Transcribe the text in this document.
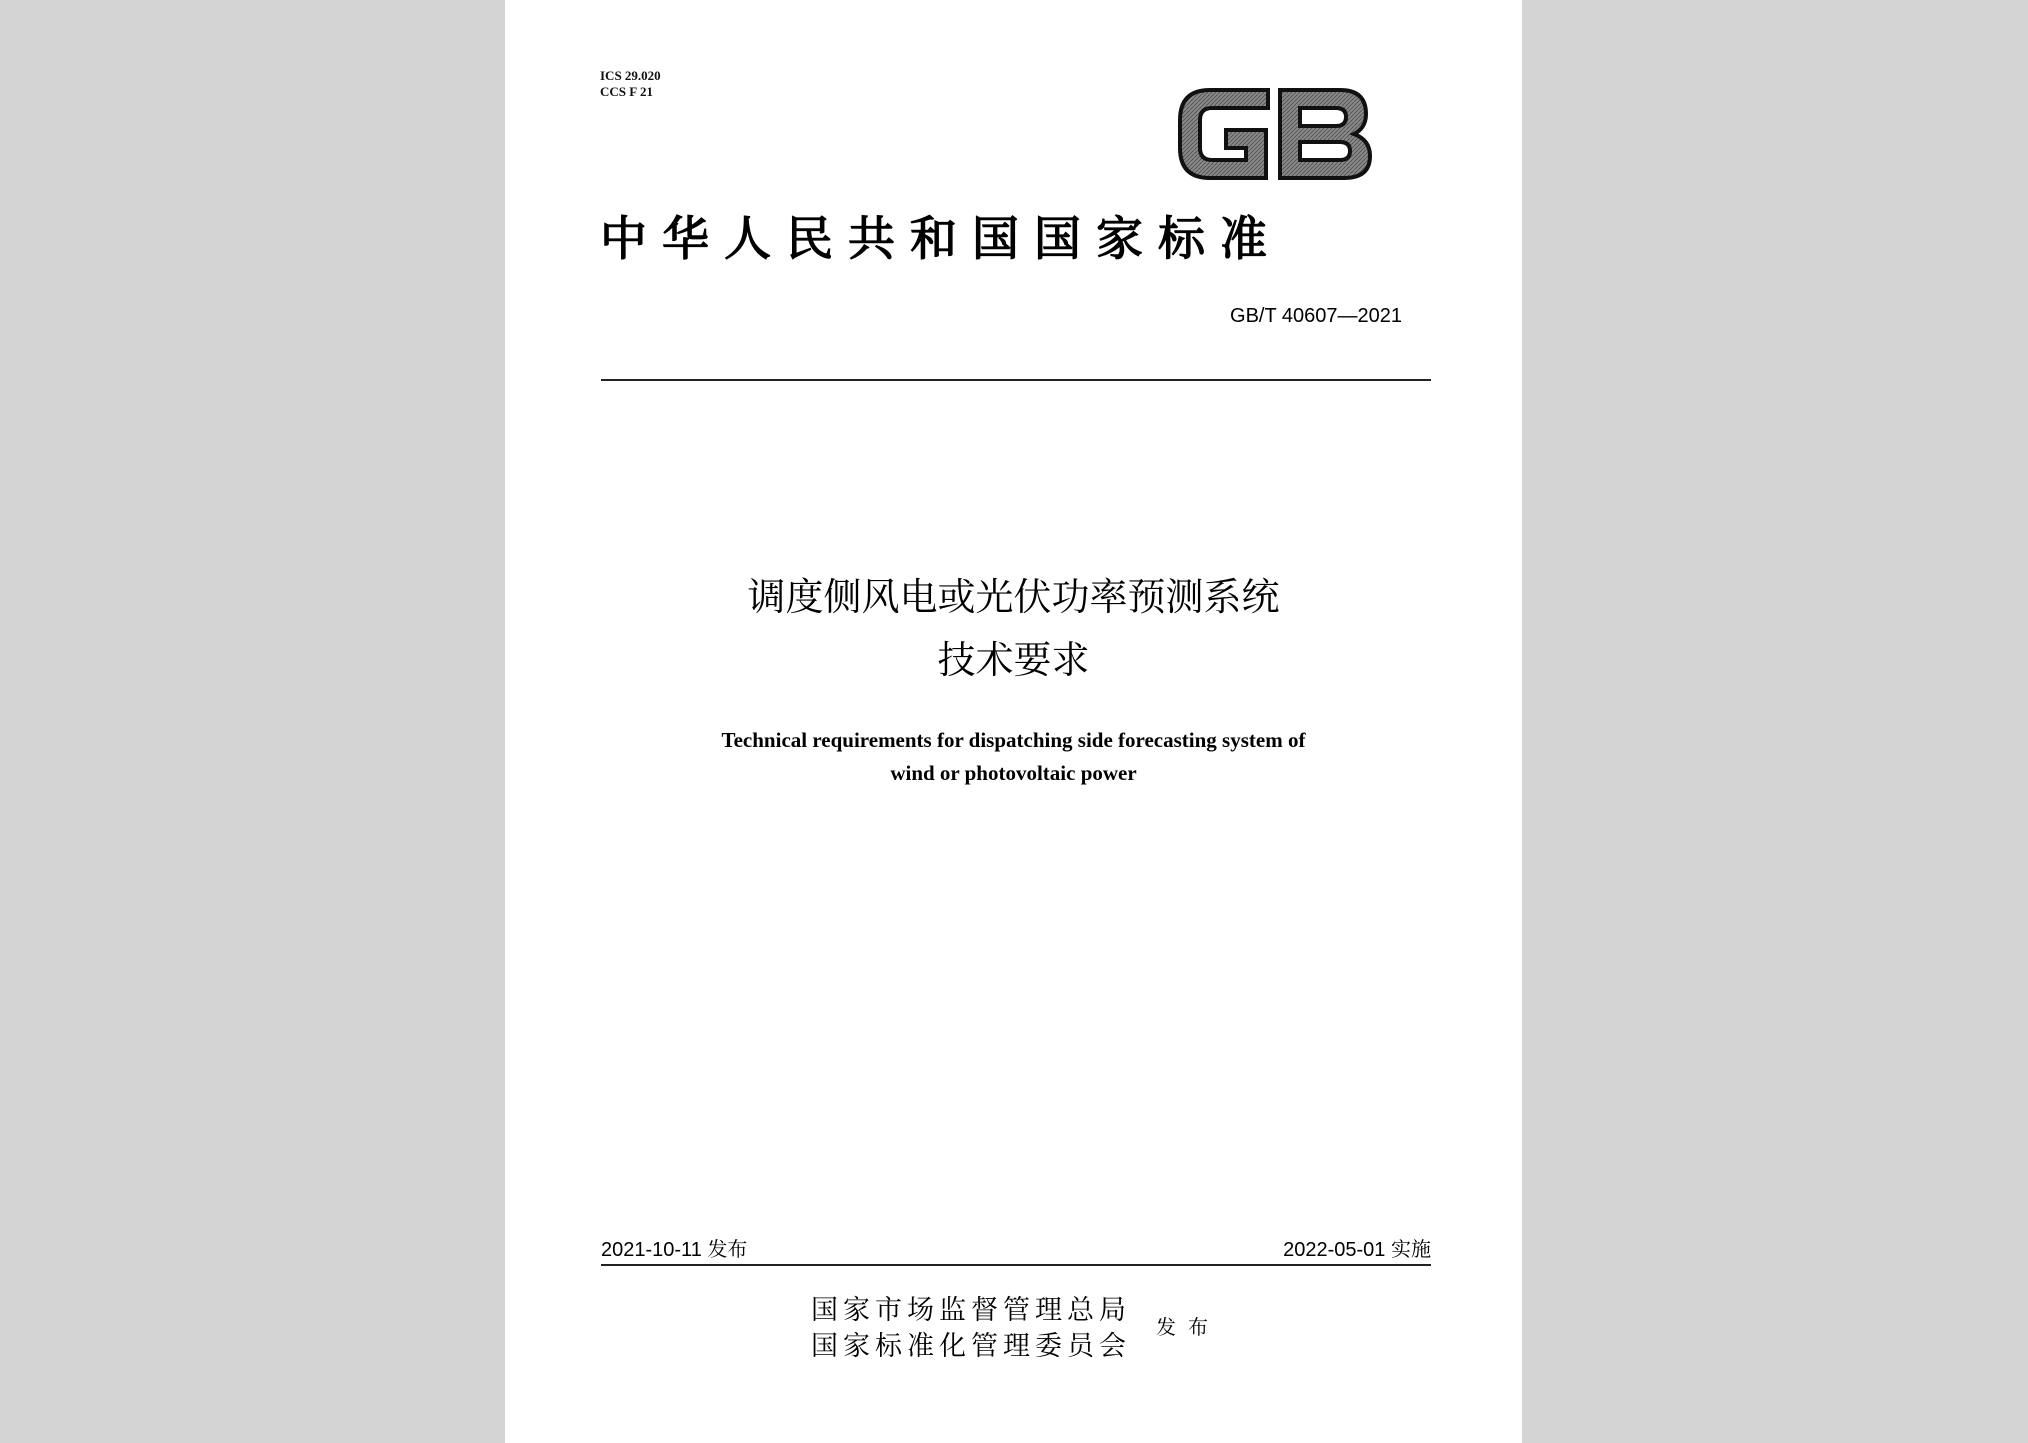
ICS 29.020
CCS F 21
中华人民共和国国家标准
GB/T 40607—2021
调度侧风电或光伏功率预测系统
技术要求
Technical requirements for dispatching side forecasting system of
wind or photovoltaic power
2021-10-11 发布	2022-05-01 实施
国家市场监督管理总局
国家标准化管理委员会
发布
